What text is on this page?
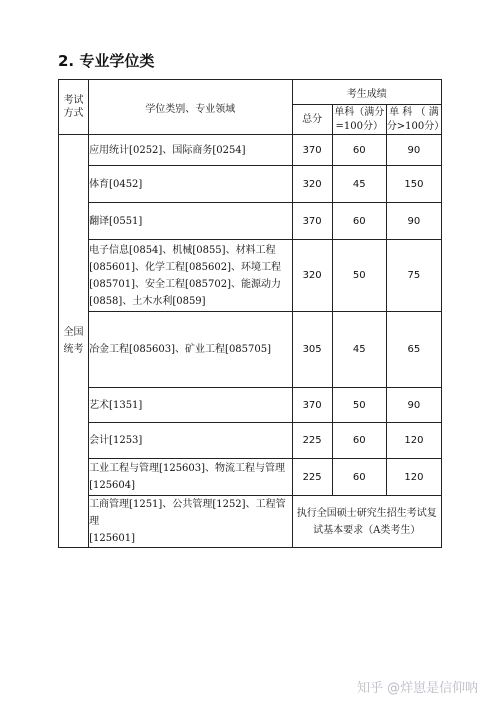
2. 专业学位类
考试
方式	学位类别、专业领域	考生成绩		
		总分	单科（满分
=100分）	单 科 （ 满
分>100分）
全国
统考	应用统计[0252]、国际商务[0254]	370	60	90
	体育[0452]	320	45	150
	翻译[0551]	370	60	90
	电子信息[0854]、机械[0855]、材料工程
[085601]、化学工程[085602]、环境工程
[085701]、安全工程[085702]、能源动力
[0858]、土木水利[0859]	320	50	75
	冶金工程[085603]、矿业工程[085705]	305	45	65
	艺术[1351]	370	50	90
	会计[1253]	225	60	120
	工业工程与管理[125603]、物流工程与管理
[125604]	225	60	120
	工商管理[1251]、公共管理[1252]、工程管理
[125601]	执行全国硕士研究生招生考试复
试基本要求（A类考生）		
知乎 @烊崽是信仰呐
